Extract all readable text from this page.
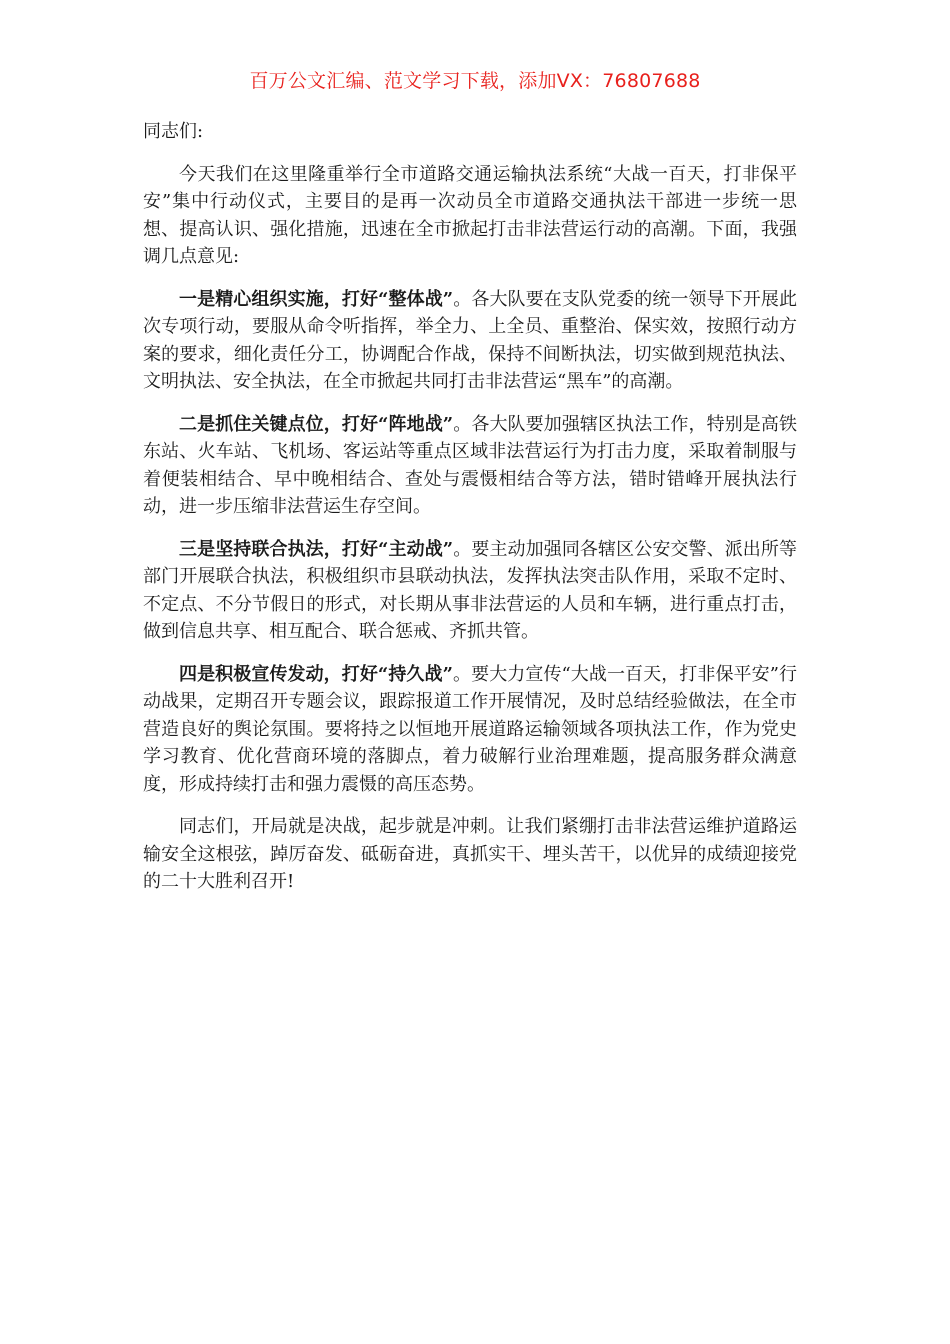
百万公文汇编、范文学习下载，添加VX：76807688

同志们:

今天我们在这里隆重举行全市道路交通运输执法系统“大战一百天，打非保平安”集中行动仪式，主要目的是再一次动员全市道路交通执法干部进一步统一思想、提高认识、强化措施，迅速在全市掀起打击非法营运行动的高潮。下面，我强调几点意见:

一是精心组织实施，打好“整体战”。各大队要在支队党委的统一领导下开展此次专项行动，要服从命令听指挥，举全力、上全员、重整治、保实效，按照行动方案的要求，细化责任分工，协调配合作战，保持不间断执法，切实做到规范执法、文明执法、安全执法，在全市掀起共同打击非法营运“黑车”的高潮。

二是抓住关键点位，打好“阵地战”。各大队要加强辖区执法工作，特别是高铁东站、火车站、飞机场、客运站等重点区域非法营运行为打击力度，采取着制服与着便装相结合、早中晚相结合、查处与震慑相结合等方法，错时错峰开展执法行动，进一步压缩非法营运生存空间。

三是坚持联合执法，打好“主动战”。要主动加强同各辖区公安交警、派出所等部门开展联合执法，积极组织市县联动执法，发挥执法突击队作用，采取不定时、不定点、不分节假日的形式，对长期从事非法营运的人员和车辆，进行重点打击，做到信息共享、相互配合、联合惩戒、齐抓共管。

四是积极宣传发动，打好“持久战”。要大力宣传“大战一百天，打非保平安”行动战果，定期召开专题会议，跟踪报道工作开展情况，及时总结经验做法，在全市营造良好的舆论氛围。要将持之以恒地开展道路运输领域各项执法工作，作为党史学习教育、优化营商环境的落脚点，着力破解行业治理难题，提高服务群众满意度，形成持续打击和强力震慑的高压态势。

同志们，开局就是决战，起步就是冲刺。让我们紧绷打击非法营运维护道路运输安全这根弦，踔厉奋发、砥砺奋进，真抓实干、埋头苦干，以优异的成绩迎接党的二十大胜利召开!
